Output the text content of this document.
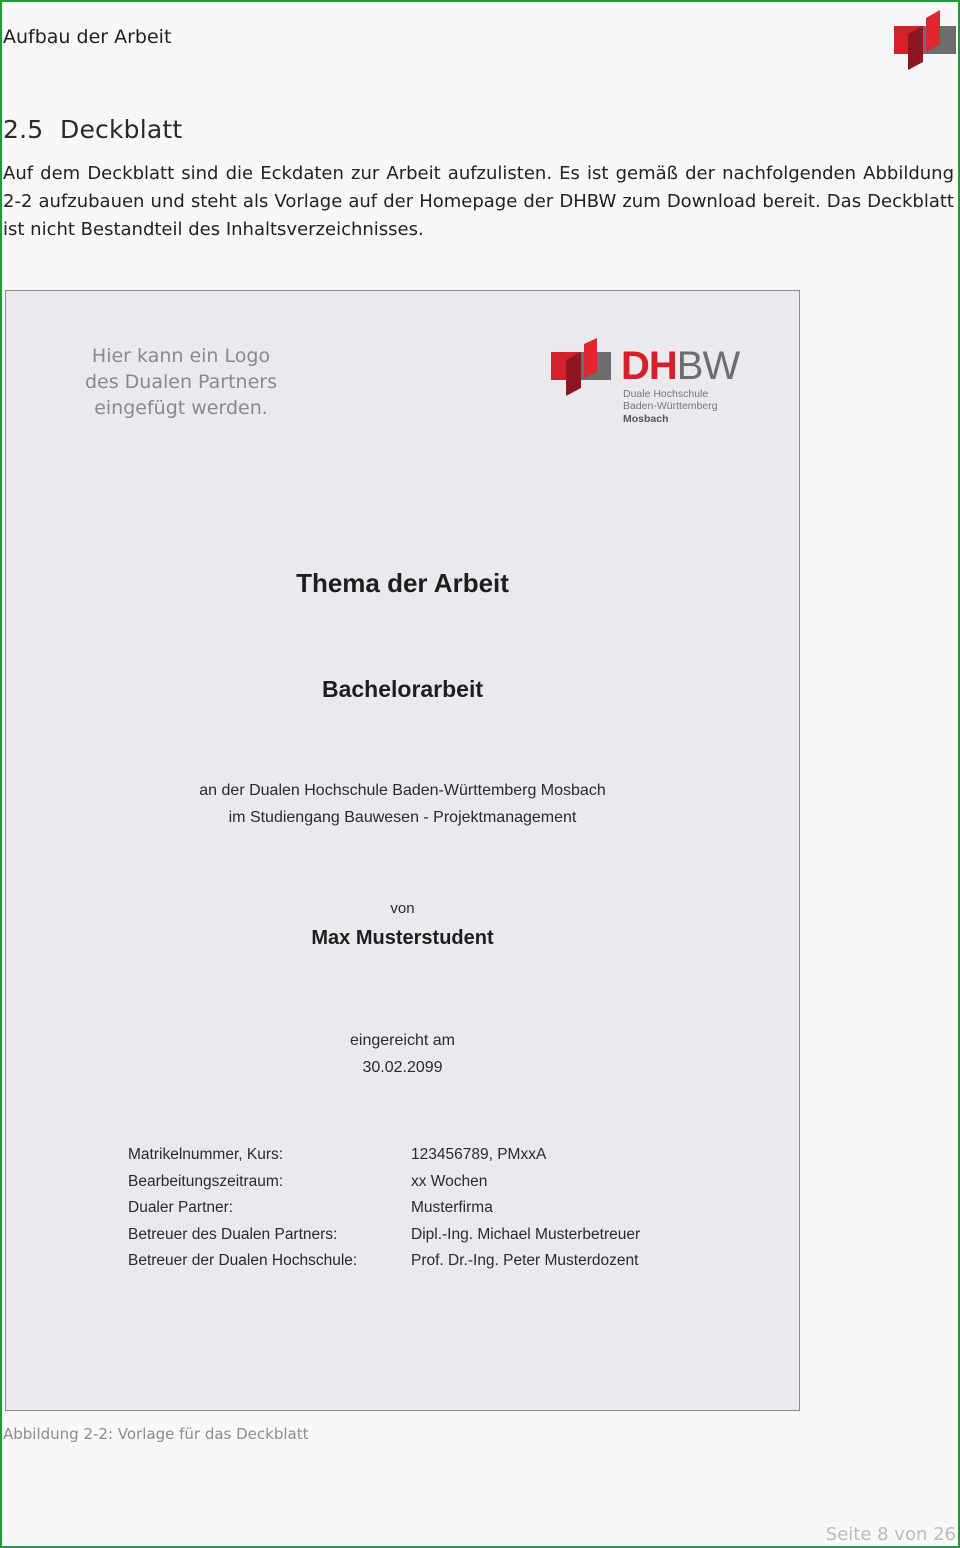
Aufbau der Arbeit
2.5 Deckblatt
Auf dem Deckblatt sind die Eckdaten zur Arbeit aufzulisten. Es ist gemäß der nachfolgenden Abbildung 2-2 aufzubauen und steht als Vorlage auf der Homepage der DHBW zum Download bereit. Das Deckblatt ist nicht Bestandteil des Inhaltsverzeichnisses.
Hier kann ein Logo
des Dualen Partners
eingefügt werden.
DHBW
Duale Hochschule
Baden-Württemberg
Mosbach
Thema der Arbeit
Bachelorarbeit
an der Dualen Hochschule Baden-Württemberg Mosbach
im Studiengang Bauwesen - Projektmanagement
von
Max Musterstudent
eingereicht am
30.02.2099
Matrikelnummer, Kurs:	123456789, PMxxA
Bearbeitungszeitraum:	xx Wochen
Dualer Partner:	Musterfirma
Betreuer des Dualen Partners:	Dipl.-Ing. Michael Musterbetreuer
Betreuer der Dualen Hochschule:	Prof. Dr.-Ing. Peter Musterdozent
Abbildung 2-2: Vorlage für das Deckblatt
Seite 8 von 26
